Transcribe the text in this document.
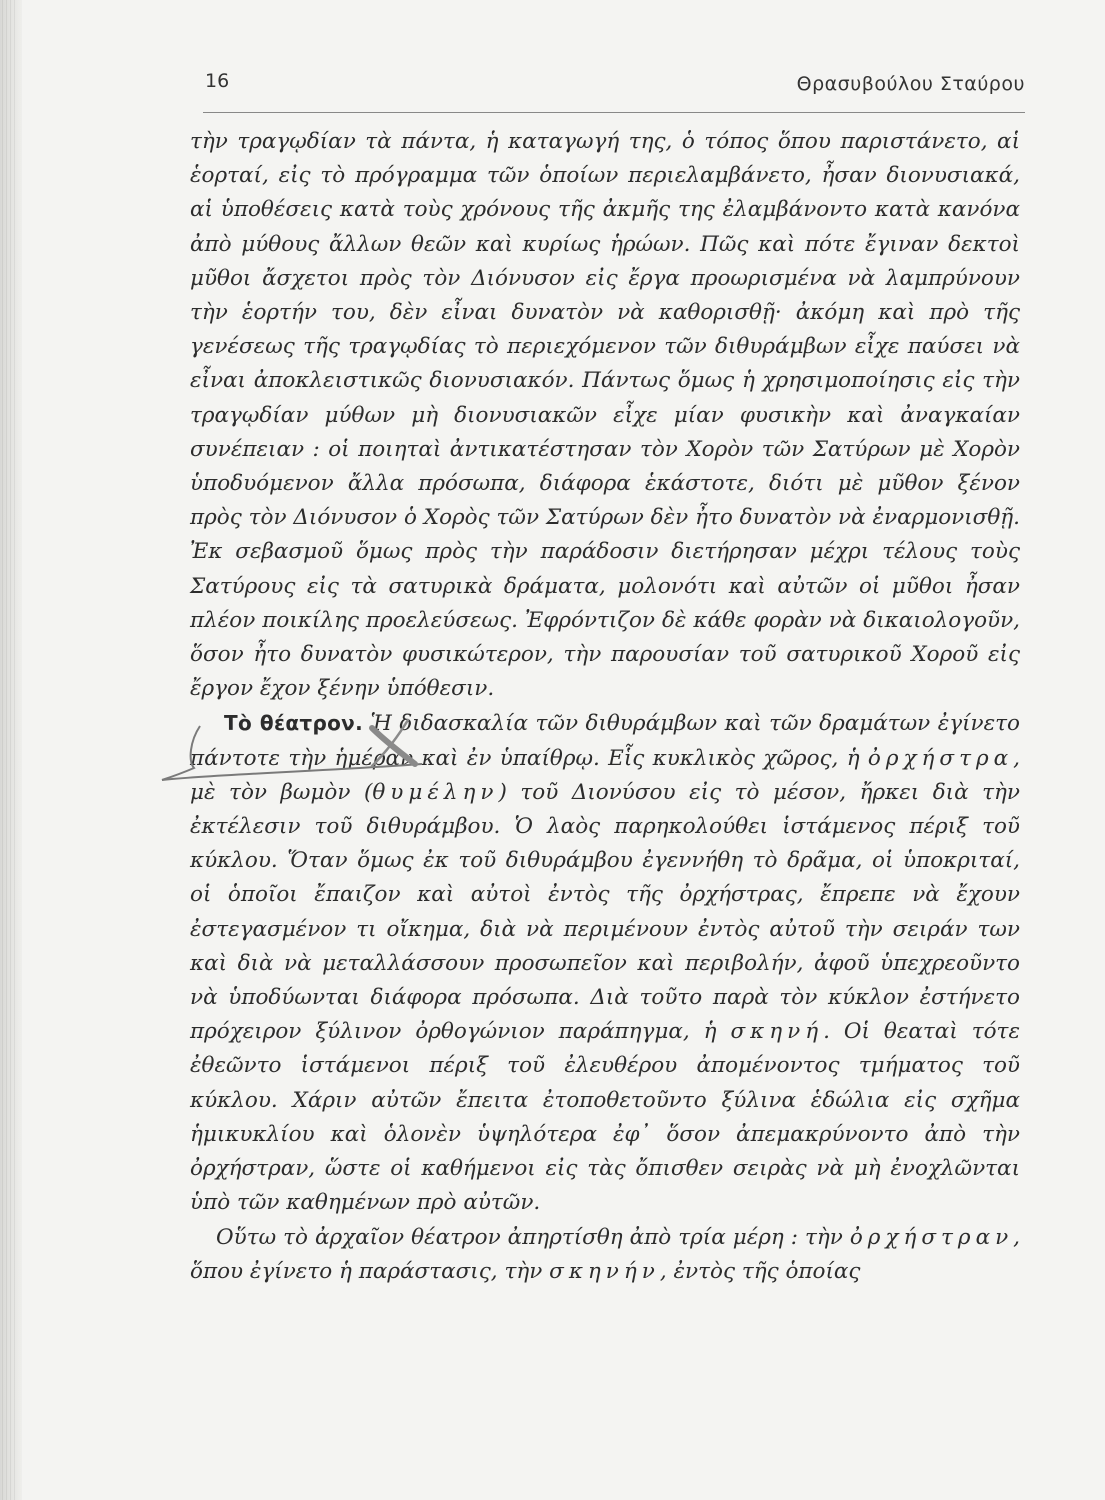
16	Θρασυβούλου Σταύρου

τὴν τραγῳδίαν τὰ πάντα, ἡ καταγωγή της, ὁ τόπος ὅπου παριστάνετο, αἱ ἑορταί, εἰς τὸ πρόγραμμα τῶν ὁποίων περιελαμβάνετο, ἦσαν διονυσιακά, αἱ ὑποθέσεις κατὰ τοὺς χρόνους τῆς ἀκμῆς της ἐλαμβάνοντο κατὰ κανόνα ἀπὸ μύθους ἄλλων θεῶν καὶ κυρίως ἡρώων. Πῶς καὶ πότε ἔγιναν δεκτοὶ μῦθοι ἄσχετοι πρὸς τὸν Διόνυσον εἰς ἔργα προωρισμένα νὰ λαμπρύνουν τὴν ἑορτήν του, δὲν εἶναι δυνατὸν νὰ καθορισθῇ· ἀκόμη καὶ πρὸ τῆς γενέσεως τῆς τραγῳδίας τὸ περιεχόμενον τῶν διθυράμβων εἶχε παύσει νὰ εἶναι ἀποκλειστικῶς διονυσιακόν. Πάντως ὅμως ἡ χρησιμοποίησις εἰς τὴν τραγῳδίαν μύθων μὴ διονυσιακῶν εἶχε μίαν φυσικὴν καὶ ἀναγκαίαν συνέπειαν : οἱ ποιηταὶ ἀντικατέστησαν τὸν Χορὸν τῶν Σατύρων μὲ Χορὸν ὑποδυόμενον ἄλλα πρόσωπα, διάφορα ἑκάστοτε, διότι μὲ μῦθον ξένον πρὸς τὸν Διόνυσον ὁ Χορὸς τῶν Σατύρων δὲν ἦτο δυνατὸν νὰ ἐναρμονισθῇ. Ἐκ σεβασμοῦ ὅμως πρὸς τὴν παράδοσιν διετήρησαν μέχρι τέλους τοὺς Σατύρους εἰς τὰ σατυρικὰ δράματα, μολονότι καὶ αὐτῶν οἱ μῦθοι ἦσαν πλέον ποικίλης προελεύσεως. Ἐφρόντιζον δὲ κάθε φορὰν νὰ δικαιολογοῦν, ὅσον ἦτο δυνατὸν φυσικώτερον, τὴν παρουσίαν τοῦ σατυρικοῦ Χοροῦ εἰς ἔργον ἔχον ξένην ὑπόθεσιν.

Τὸ θέατρον. Ἡ διδασκαλία τῶν διθυράμβων καὶ τῶν δραμάτων ἐγίνετο πάντοτε τὴν ἡμέραν καὶ ἐν ὑπαίθρῳ. Εἷς κυκλικὸς χῶρος, ἡ ὀρχήστρα, μὲ τὸν βωμὸν (θυμέλην) τοῦ Διονύσου εἰς τὸ μέσον, ἤρκει διὰ τὴν ἐκτέλεσιν τοῦ διθυράμβου. Ὁ λαὸς παρηκολούθει ἱστάμενος πέριξ τοῦ κύκλου. Ὅταν ὅμως ἐκ τοῦ διθυράμβου ἐγεννήθη τὸ δρᾶμα, οἱ ὑποκριταί, οἱ ὁποῖοι ἔπαιζον καὶ αὐτοὶ ἐντὸς τῆς ὀρχήστρας, ἔπρεπε νὰ ἔχουν ἐστεγασμένον τι οἴκημα, διὰ νὰ περιμένουν ἐντὸς αὐτοῦ τὴν σειράν των καὶ διὰ νὰ μεταλλάσσουν προσωπεῖον καὶ περιβολήν, ἀφοῦ ὑπεχρεοῦντο νὰ ὑποδύωνται διάφορα πρόσωπα. Διὰ τοῦτο παρὰ τὸν κύκλον ἐστήνετο πρόχειρον ξύλινον ὀρθογώνιον παράπηγμα, ἡ σκηνή. Οἱ θεαταὶ τότε ἐθεῶντο ἱστάμενοι πέριξ τοῦ ἐλευθέρου ἀπομένοντος τμήματος τοῦ κύκλου. Χάριν αὐτῶν ἔπειτα ἐτοποθετοῦντο ξύλινα ἑδώλια εἰς σχῆμα ἡμικυκλίου καὶ ὁλονὲν ὑψηλότερα ἐφ᾽ ὅσον ἀπεμακρύνοντο ἀπὸ τὴν ὀρχήστραν, ὥστε οἱ καθήμενοι εἰς τὰς ὄπισθεν σειρὰς νὰ μὴ ἐνοχλῶνται ὑπὸ τῶν καθημένων πρὸ αὐτῶν.

Οὕτω τὸ ἀρχαῖον θέατρον ἀπηρτίσθη ἀπὸ τρία μέρη : τὴν ὀρχήστραν, ὅπου ἐγίνετο ἡ παράστασις, τὴν σκηνήν, ἐντὸς τῆς ὁποίας
